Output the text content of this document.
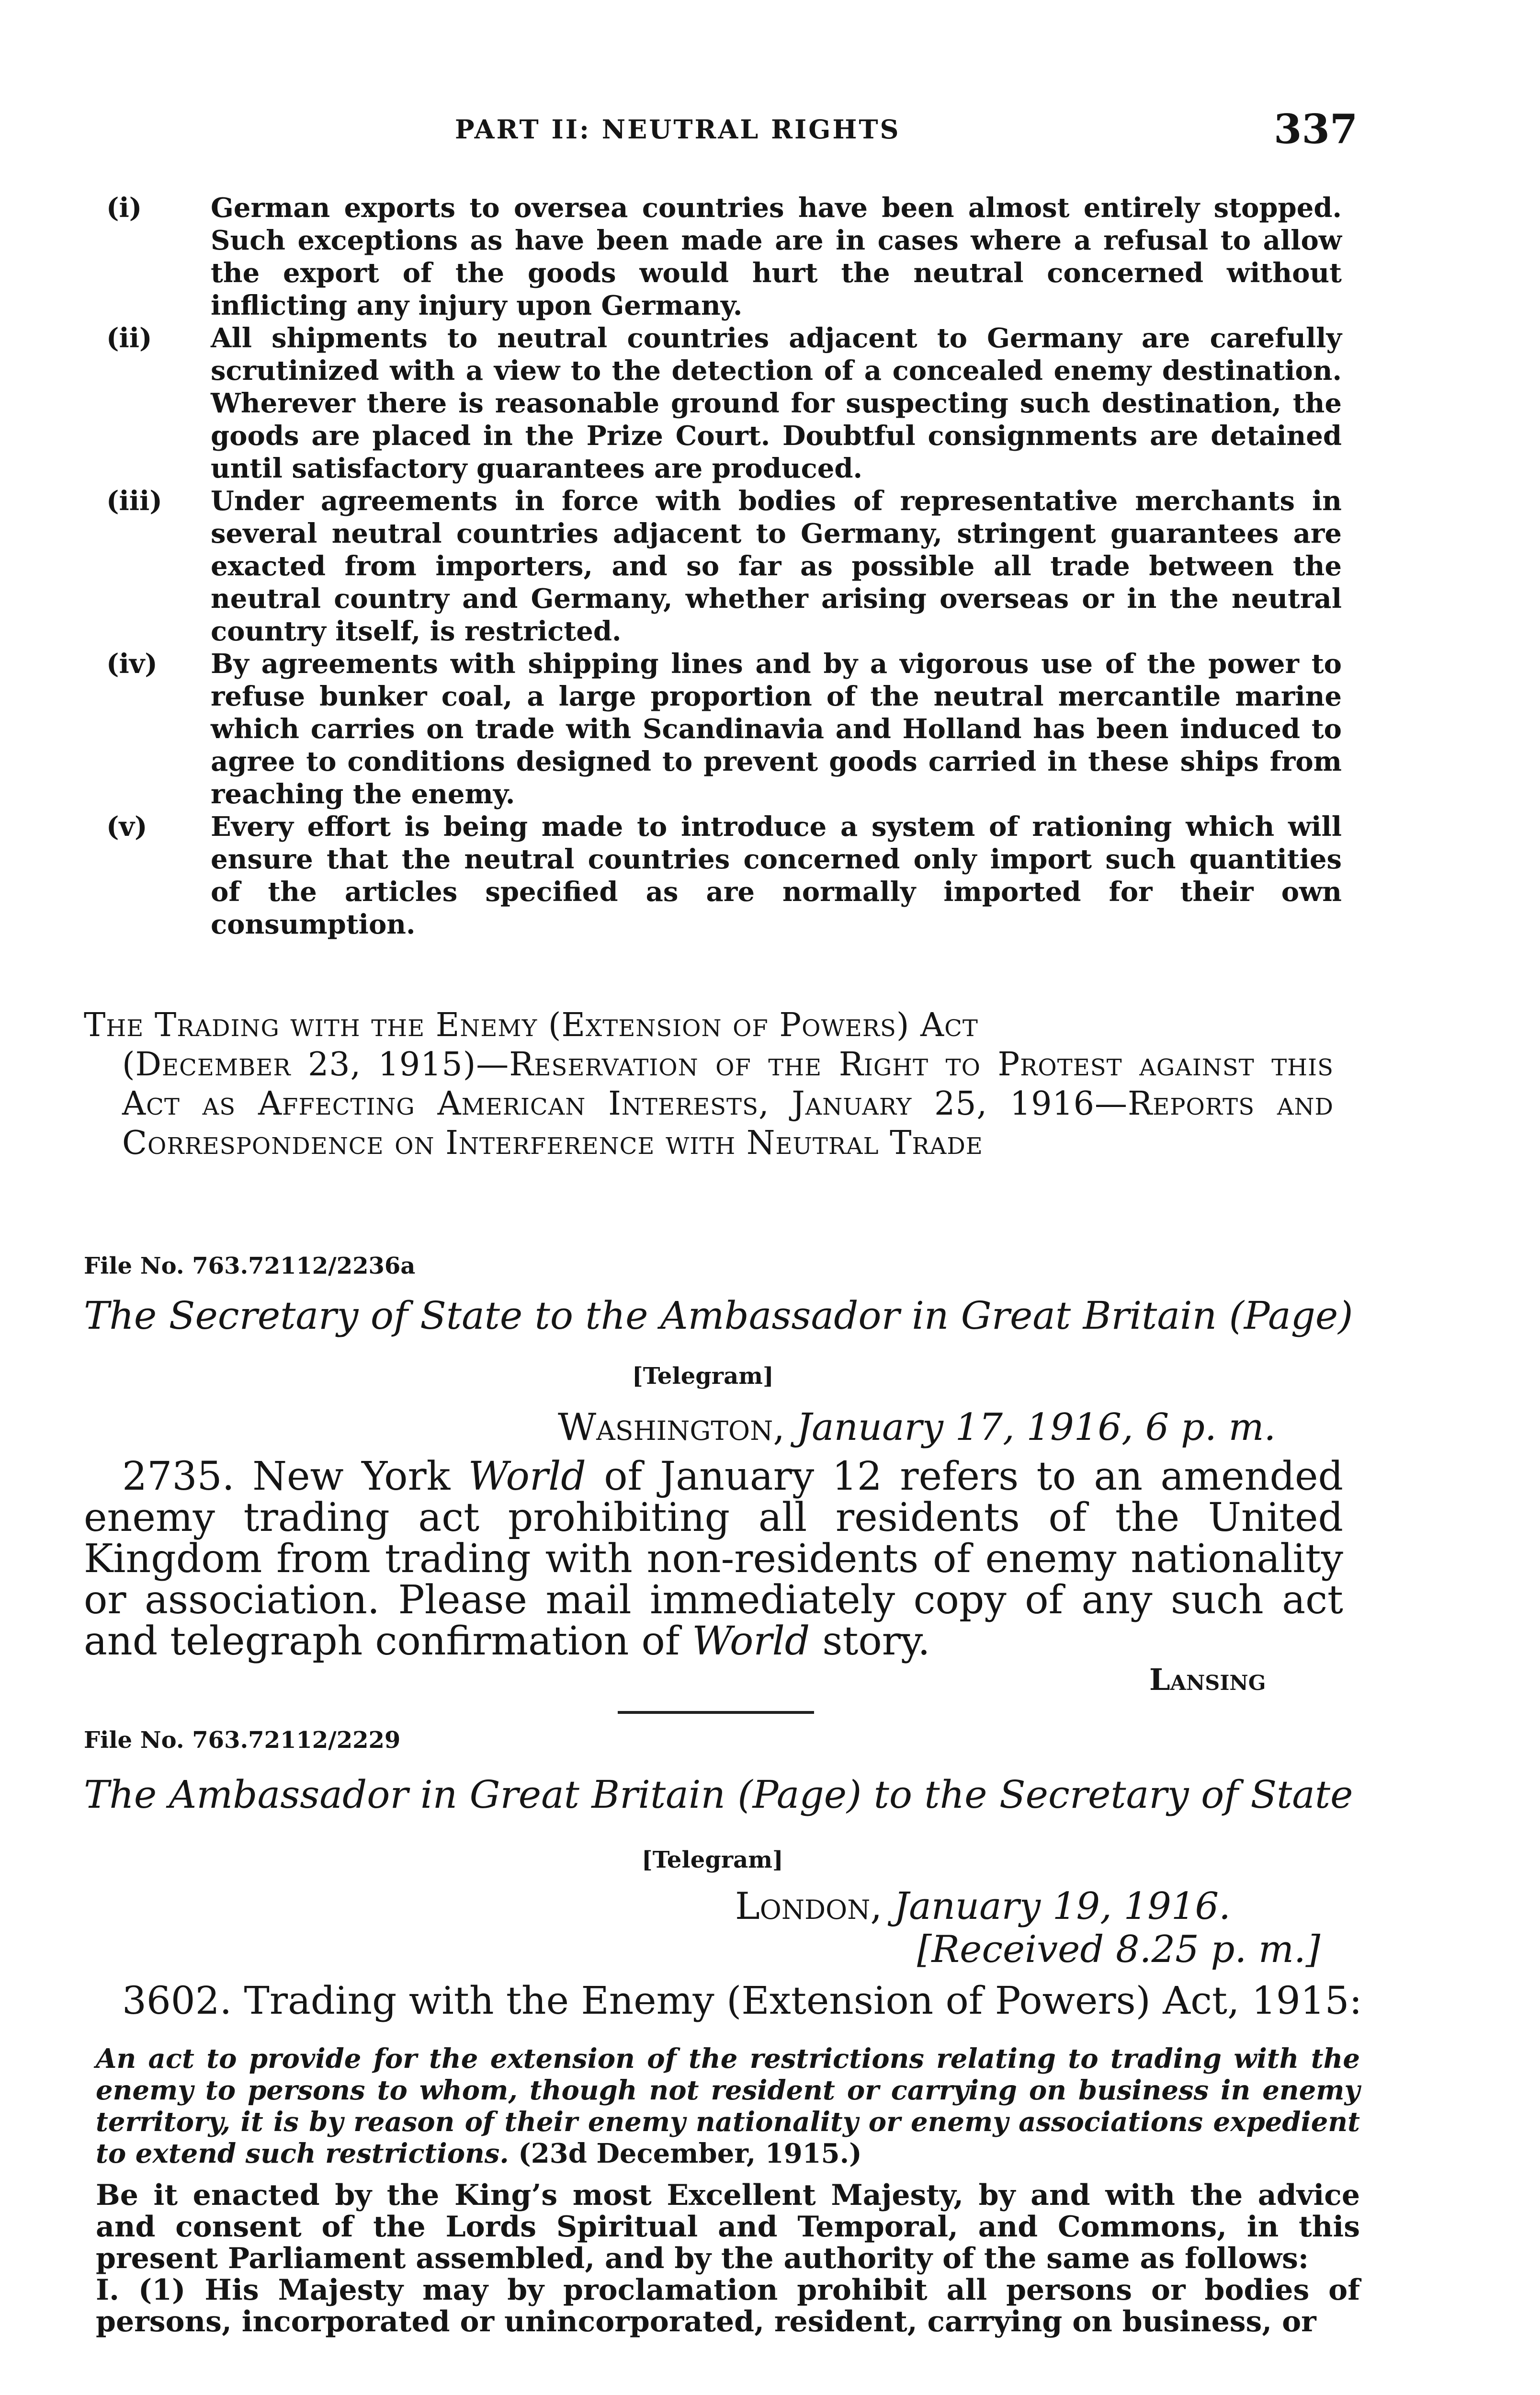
PART II: NEUTRAL RIGHTS	337
(i)	German exports to oversea countries have been almost entirely stopped. Such exceptions as have been made are in cases where a refusal to allow the export of the goods would hurt the neutral concerned without inflicting any injury upon Germany.
(ii)	All shipments to neutral countries adjacent to Germany are carefully scrutinized with a view to the detection of a concealed enemy destination. Wherever there is reasonable ground for suspecting such destination, the goods are placed in the Prize Court. Doubtful consignments are detained until satisfactory guarantees are produced.
(iii)	Under agreements in force with bodies of representative merchants in several neutral countries adjacent to Germany, stringent guarantees are exacted from importers, and so far as possible all trade between the neutral country and Germany, whether arising overseas or in the neutral country itself, is restricted.
(iv)	By agreements with shipping lines and by a vigorous use of the power to refuse bunker coal, a large proportion of the neutral mercantile marine which carries on trade with Scandinavia and Holland has been induced to agree to conditions designed to prevent goods carried in these ships from reaching the enemy.
(v)	Every effort is being made to introduce a system of rationing which will ensure that the neutral countries concerned only import such quantities of the articles specified as are normally imported for their own consumption.
The Trading with the Enemy (Extension of Powers) Act
(December 23, 1915)—Reservation of the Right to Protest against this Act as Affecting American Interests, January 25, 1916—Reports and Correspondence on Interference with Neutral Trade
File No. 763.72112/2236a
The Secretary of State to the Ambassador in Great Britain (Page)
[Telegram]
Washington, January 17, 1916, 6 p. m.
2735. New York World of January 12 refers to an amended enemy trading act prohibiting all residents of the United Kingdom from trading with non-residents of enemy nationality or association. Please mail immediately copy of any such act and telegraph confirmation of World story.
Lansing
File No. 763.72112/2229
The Ambassador in Great Britain (Page) to the Secretary of State
[Telegram]
London, January 19, 1916.
[Received 8.25 p. m.]
3602. Trading with the Enemy (Extension of Powers) Act, 1915:
An act to provide for the extension of the restrictions relating to trading with the enemy to persons to whom, though not resident or carrying on business in enemy territory, it is by reason of their enemy nationality or enemy associations expedient to extend such restrictions. (23d December, 1915.)
Be it enacted by the King’s most Excellent Majesty, by and with the advice and consent of the Lords Spiritual and Temporal, and Commons, in this present Parliament assembled, and by the authority of the same as follows:
I. (1) His Majesty may by proclamation prohibit all persons or bodies of persons, incorporated or unincorporated, resident, carrying on business, or
